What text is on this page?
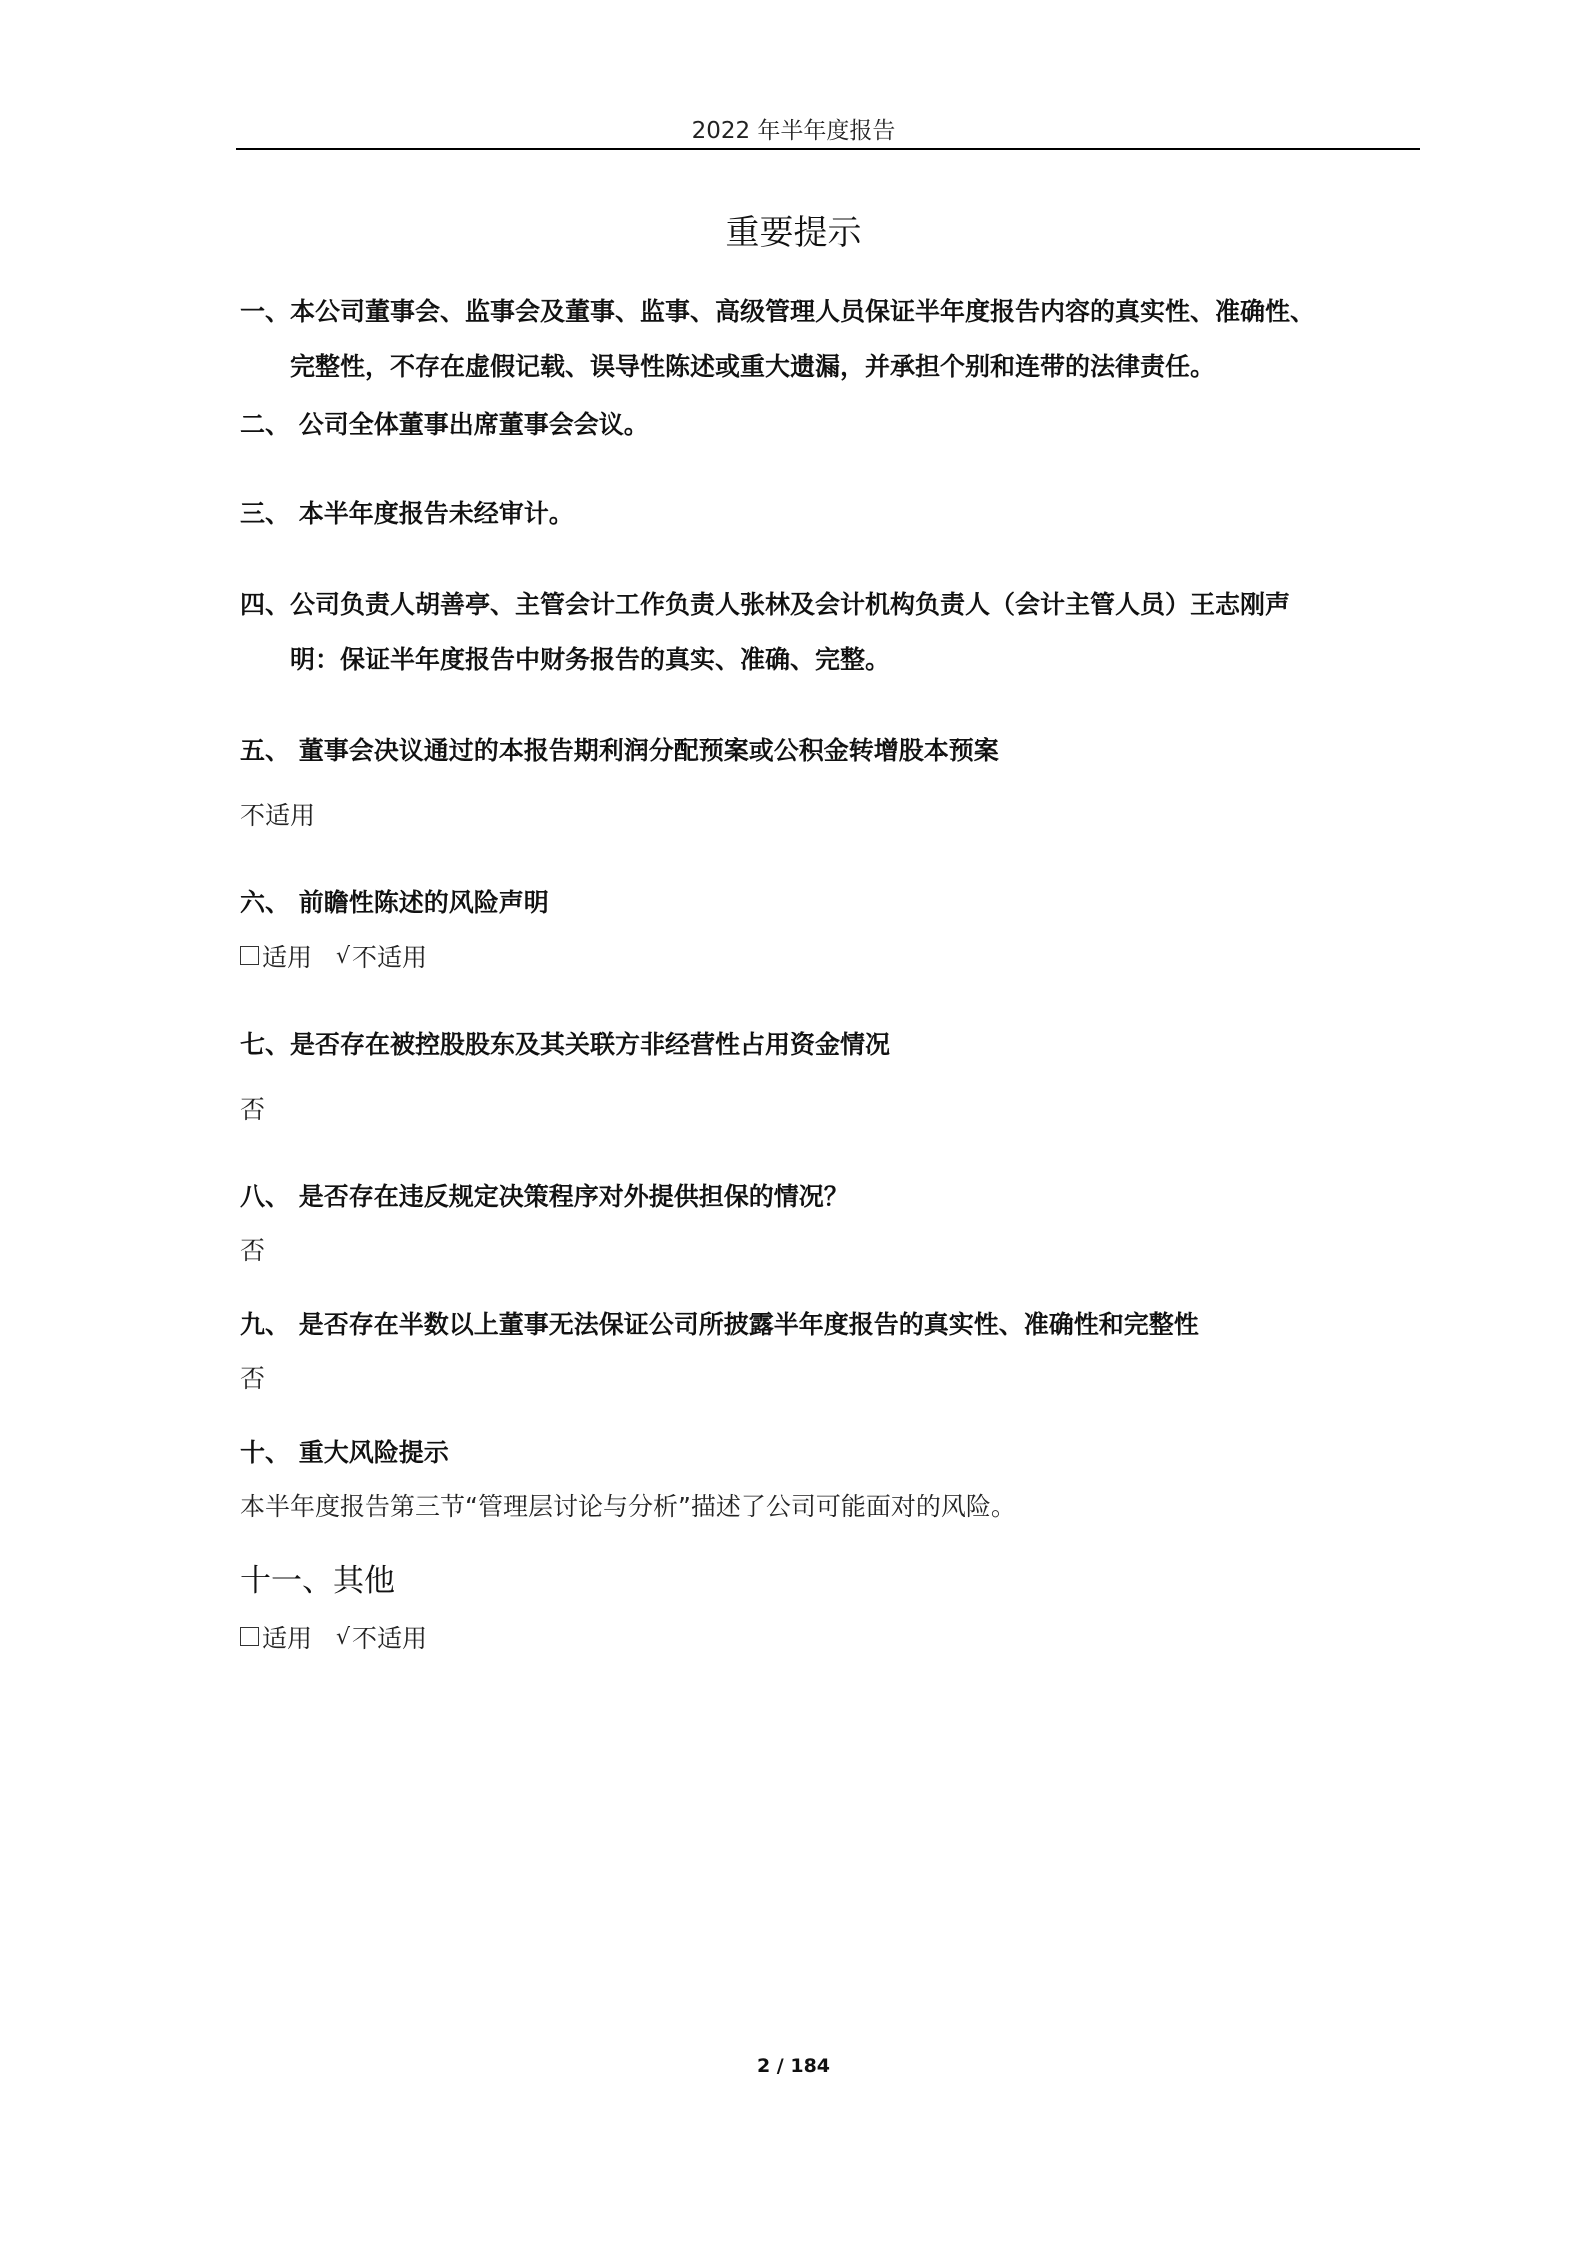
2022 年半年度报告
重要提示
一、本公司董事会、监事会及董事、监事、高级管理人员保证半年度报告内容的真实性、准确性、
完整性，不存在虚假记载、误导性陈述或重大遗漏，并承担个别和连带的法律责任。
二、 公司全体董事出席董事会会议。
三、 本半年度报告未经审计。
四、公司负责人胡善亭、主管会计工作负责人张林及会计机构负责人（会计主管人员）王志刚声
明：保证半年度报告中财务报告的真实、准确、完整。
五、 董事会决议通过的本报告期利润分配预案或公积金转增股本预案
不适用
六、 前瞻性陈述的风险声明
适用 √ 不适用
七、是否存在被控股股东及其关联方非经营性占用资金情况
否
八、 是否存在违反规定决策程序对外提供担保的情况？
否
九、 是否存在半数以上董事无法保证公司所披露半年度报告的真实性、准确性和完整性
否
十、 重大风险提示
本半年度报告第三节“管理层讨论与分析”描述了公司可能面对的风险。
十一、其他
适用 √ 不适用
2 / 184
